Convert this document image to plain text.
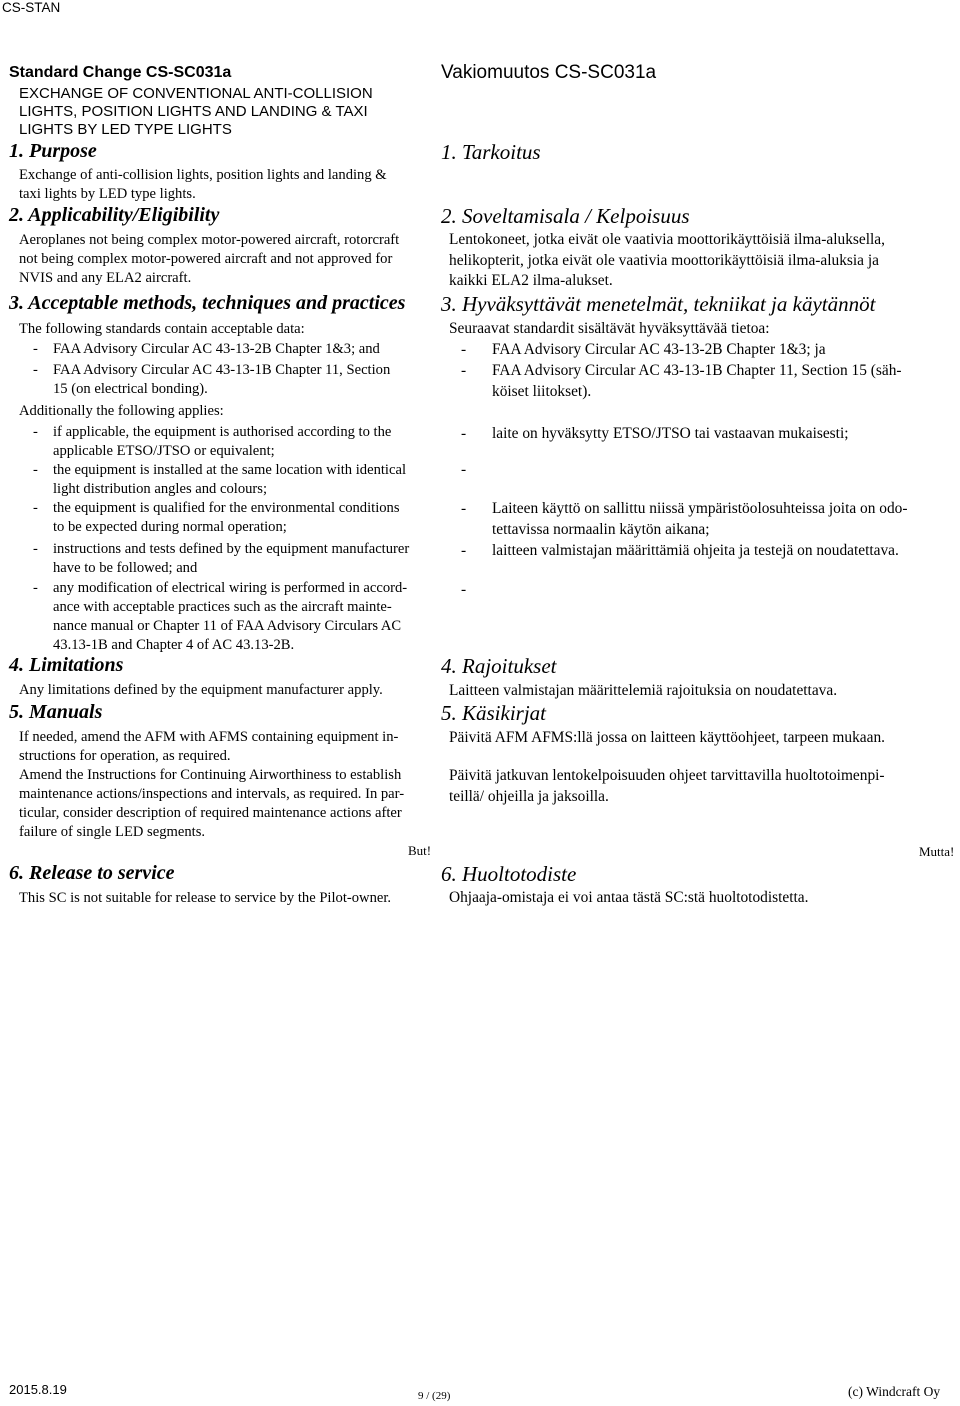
CS-STAN
Standard Change CS-SC031a
EXCHANGE OF CONVENTIONAL ANTI-COLLISION
LIGHTS, POSITION LIGHTS AND LANDING & TAXI
LIGHTS BY LED TYPE LIGHTS
1. Purpose
Exchange of anti-collision lights, position lights and landing &
taxi lights by LED type lights.
2. Applicability/Eligibility
Aeroplanes not being complex motor-powered aircraft, rotorcraft
not being complex motor-powered aircraft and not approved for
NVIS and any ELA2 aircraft.
3. Acceptable methods, techniques and practices
The following standards contain acceptable data:
- FAA Advisory Circular AC 43-13-2B Chapter 1&3; and
- FAA Advisory Circular AC 43-13-1B Chapter 11, Section
15 (on electrical bonding).
Additionally the following applies:
- if applicable, the equipment is authorised according to the
applicable ETSO/JTSO or equivalent;
- the equipment is installed at the same location with identical
light distribution angles and colours;
- the equipment is qualified for the environmental conditions
to be expected during normal operation;
- instructions and tests defined by the equipment manufacturer
have to be followed; and
- any modification of electrical wiring is performed in accord-
ance with acceptable practices such as the aircraft mainte-
nance manual or Chapter 11 of FAA Advisory Circulars AC
43.13-1B and Chapter 4 of AC 43.13-2B.
4. Limitations
Any limitations defined by the equipment manufacturer apply.
5. Manuals
If needed, amend the AFM with AFMS containing equipment in-
structions for operation, as required.
Amend the Instructions for Continuing Airworthiness to establish
maintenance actions/inspections and intervals, as required. In par-
ticular, consider description of required maintenance actions after
failure of single LED segments.
But!
6. Release to service
This SC is not suitable for release to service by the Pilot-owner.
Vakiomuutos CS-SC031a
1. Tarkoitus
2. Soveltamisala / Kelpoisuus
Lentokoneet, jotka eivät ole vaativia moottorikäyttöisiä ilma-aluksella,
helikopterit, jotka eivät ole vaativia moottorikäyttöisiä ilma-aluksia ja
kaikki ELA2 ilma-alukset.
3. Hyväksyttävät menetelmät, tekniikat ja käytännöt
Seuraavat standardit sisältävät hyväksyttävää tietoa:
- FAA Advisory Circular AC 43-13-2B Chapter 1&3; ja
- FAA Advisory Circular AC 43-13-1B Chapter 11, Section 15 (säh-
köiset liitokset).
- laite on hyväksytty ETSO/JTSO tai vastaavan mukaisesti;
-
- Laiteen käyttö on sallittu niissä ympäristöolosuhteissa joita on odo-
tettavissa normaalin käytön aikana;
- laitteen valmistajan määrittämiä ohjeita ja testejä on noudatettava.
-
4. Rajoitukset
Laitteen valmistajan määrittelemiä rajoituksia on noudatettava.
5. Käsikirjat
Päivitä AFM AFMS:llä jossa on laitteen käyttöohjeet, tarpeen mukaan.
Päivitä jatkuvan lentokelpoisuuden ohjeet tarvittavilla huoltotoimenpi-
teillä/ ohjeilla ja jaksoilla.
Mutta!
6. Huoltotodiste
Ohjaaja-omistaja ei voi antaa tästä SC:stä huoltotodistetta.
2015.8.19	9 / (29)	(c) Windcraft Oy
